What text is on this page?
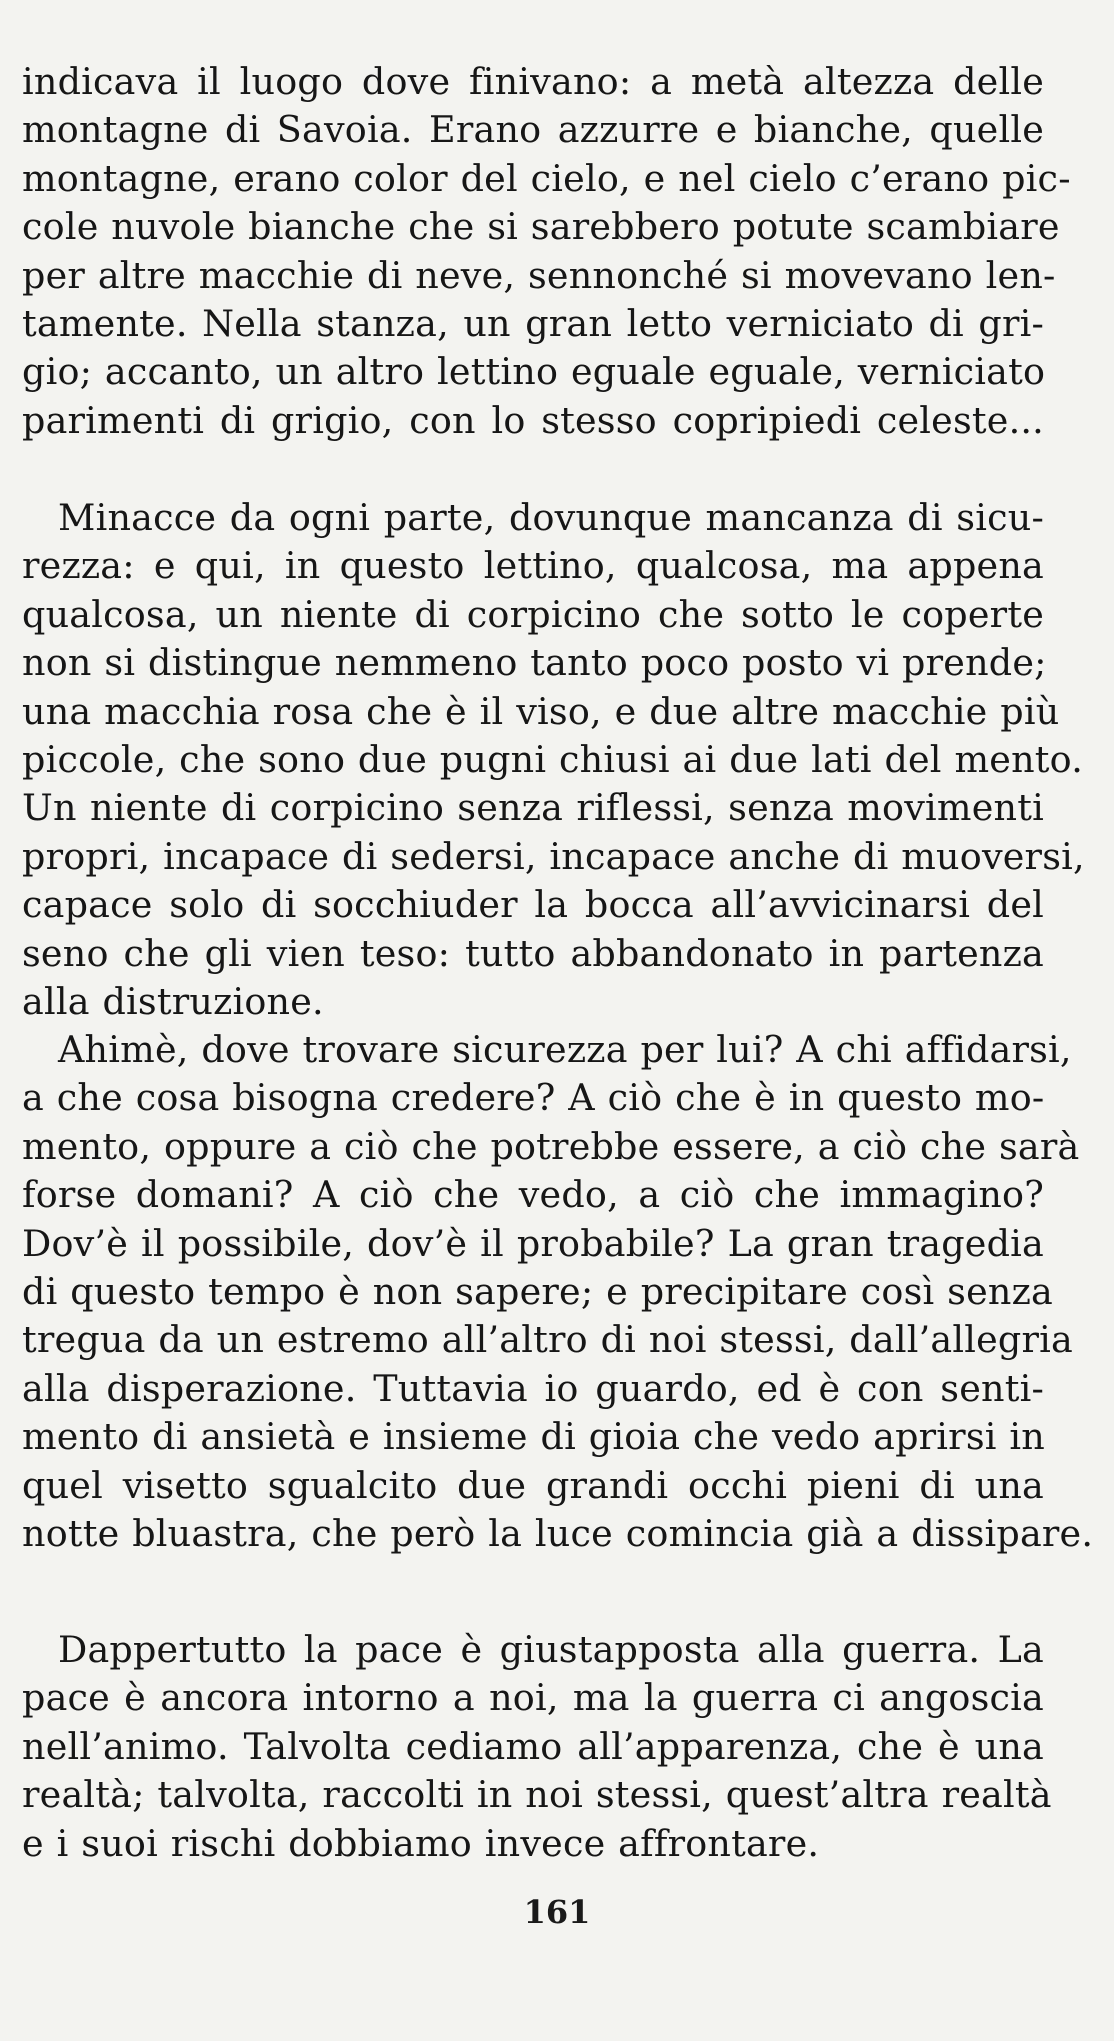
indicava il luogo dove finivano: a metà altezza delle
montagne di Savoia. Erano azzurre e bianche, quelle
montagne, erano color del cielo, e nel cielo c’erano pic-
cole nuvole bianche che si sarebbero potute scambiare
per altre macchie di neve, sennonché si movevano len-
tamente. Nella stanza, un gran letto verniciato di gri-
gio; accanto, un altro lettino eguale eguale, verniciato
parimenti di grigio, con lo stesso copripiedi celeste...
Minacce da ogni parte, dovunque mancanza di sicu-
rezza: e qui, in questo lettino, qualcosa, ma appena
qualcosa, un niente di corpicino che sotto le coperte
non si distingue nemmeno tanto poco posto vi prende;
una macchia rosa che è il viso, e due altre macchie più
piccole, che sono due pugni chiusi ai due lati del mento.
Un niente di corpicino senza riflessi, senza movimenti
propri, incapace di sedersi, incapace anche di muoversi,
capace solo di socchiuder la bocca all’avvicinarsi del
seno che gli vien teso: tutto abbandonato in partenza
alla distruzione.
Ahimè, dove trovare sicurezza per lui? A chi affidarsi,
a che cosa bisogna credere? A ciò che è in questo mo-
mento, oppure a ciò che potrebbe essere, a ciò che sarà
forse domani? A ciò che vedo, a ciò che immagino?
Dov’è il possibile, dov’è il probabile? La gran tragedia
di questo tempo è non sapere; e precipitare così senza
tregua da un estremo all’altro di noi stessi, dall’allegria
alla disperazione. Tuttavia io guardo, ed è con senti-
mento di ansietà e insieme di gioia che vedo aprirsi in
quel visetto sgualcito due grandi occhi pieni di una
notte bluastra, che però la luce comincia già a dissipare.
Dappertutto la pace è giustapposta alla guerra. La
pace è ancora intorno a noi, ma la guerra ci angoscia
nell’animo. Talvolta cediamo all’apparenza, che è una
realtà; talvolta, raccolti in noi stessi, quest’altra realtà
e i suoi rischi dobbiamo invece affrontare.
161
